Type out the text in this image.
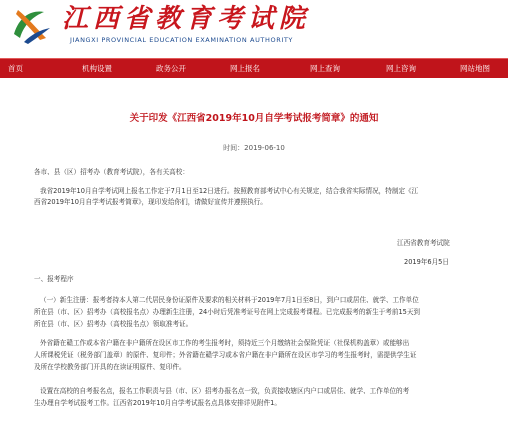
江西省教育考试院
JIANGXI PROVINCIAL EDUCATION EXAMINATION AUTHORITY
首页	机构设置	政务公开	网上报名	网上查询	网上咨询	网站地图
关于印发《江西省2019年10月自学考试报考简章》的通知
时间：2019-06-10
各市、县（区）招考办（教育考试院），各有关高校：
我省2019年10月自学考试网上报名工作定于7月1日至12日进行。按照教育部考试中心有关规定，结合我省实际情况，特制定《江
西省2019年10月自学考试报考简章》，现印发给你们，请做好宣传并遵照执行。
江西省教育考试院
2019年6月5日
一、报考程序
（一）新生注册：报考者持本人第二代居民身份证原件及要求的相关材料于2019年7月1日至8日，到户口或居住、就学、工作单位
所在县（市、区）招考办（高校报名点）办理新生注册，24小时后凭准考证号在网上完成报考课程。已完成报考的新生于考前15天到
所在县（市、区）招考办（高校报名点）领取准考证。
外省籍在赣工作或本省户籍在非户籍所在设区市工作的考生报考时，须持近三个月缴纳社会保险凭证（社保机构盖章）或能够出
人所课税凭证（税务部门盖章）的原件、复印件；外省籍在赣学习或本省户籍在非户籍所在设区市学习的考生报考时，需提供学生证
及所在学校教务部门开具的在读证明原件、复印件。
设置在高校的自考报名点，报名工作职责与县（市、区）招考办报名点一致，负责接收辖区内户口或居住、就学、工作单位的考
生办理自学考试报考工作。江西省2019年10月自学考试报名点具体安排详见附件1。
